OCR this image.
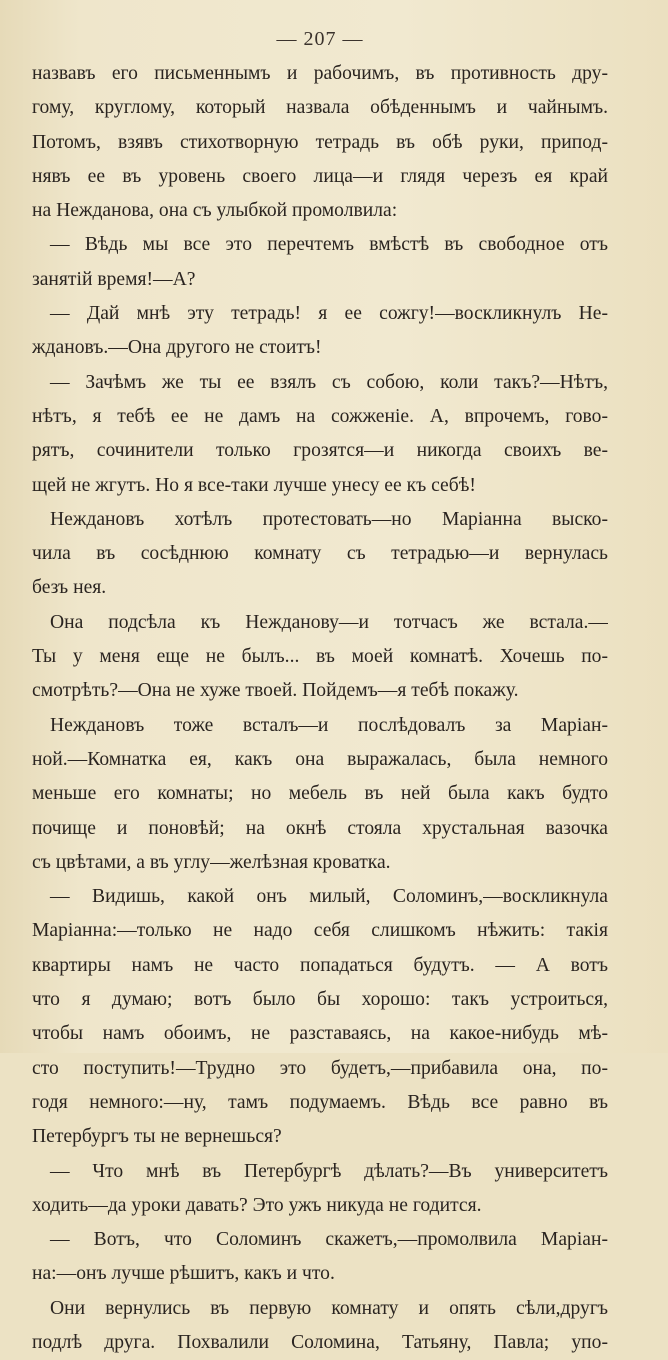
— 207 —
назвавъ его письменнымъ и рабочимъ, въ противность дру-
гому, круглому, который назвала обѣденнымъ и чайнымъ.
Потомъ, взявъ стихотворную тетрадь въ обѣ руки, припод-
нявъ ее въ уровень своего лица—и глядя черезъ ея край
на Нежданова, она съ улыбкой промолвила:
— Вѣдь мы все это перечтемъ вмѣстѣ въ свободное отъ
занятій время!—А?
— Дай мнѣ эту тетрадь! я ее сожгу!—воскликнулъ Не-
ждановъ.—Она другого не стоитъ!
— Зачѣмъ же ты ее взялъ съ собою, коли такъ?—Нѣтъ,
нѣтъ, я тебѣ ее не дамъ на сожженіе. А, впрочемъ, гово-
рятъ, сочинители только грозятся—и никогда своихъ ве-
щей не жгутъ. Но я все-таки лучше унесу ее къ себѣ!
Неждановъ хотѣлъ протестовать—но Маріанна выско-
чила въ сосѣднюю комнату съ тетрадью—и вернулась
безъ нея.
Она подсѣла къ Нежданову—и тотчасъ же встала.—
Ты у меня еще не былъ... въ моей комнатѣ. Хочешь по-
смотрѣть?—Она не хуже твоей. Пойдемъ—я тебѣ покажу.
Неждановъ тоже всталъ—и послѣдовалъ за Маріан-
ной.—Комнатка ея, какъ она выражалась, была немного
меньше его комнаты; но мебель въ ней была какъ будто
почище и поновѣй; на окнѣ стояла хрустальная вазочка
съ цвѣтами, а въ углу—желѣзная кроватка.
— Видишь, какой онъ милый, Соломинъ,—воскликнула
Маріанна:—только не надо себя слишкомъ нѣжить: такія
квартиры намъ не часто попадаться будутъ. — А вотъ
что я думаю; вотъ было бы хорошо: такъ устроиться,
чтобы намъ обоимъ, не разставаясь, на какое-нибудь мѣ-
сто поступить!—Трудно это будетъ,—прибавила она, по-
годя немного:—ну, тамъ подумаемъ. Вѣдь все равно въ
Петербургъ ты не вернешься?
— Что мнѣ въ Петербургѣ дѣлать?—Въ университетъ
ходить—да уроки давать? Это ужъ никуда не годится.
— Вотъ, что Соломинъ скажетъ,—промолвила Маріан-
на:—онъ лучше рѣшитъ, какъ и что.
Они вернулись въ первую комнату и опять сѣли,другъ
подлѣ друга. Похвалили Соломина, Татьяну, Павла; упо-
